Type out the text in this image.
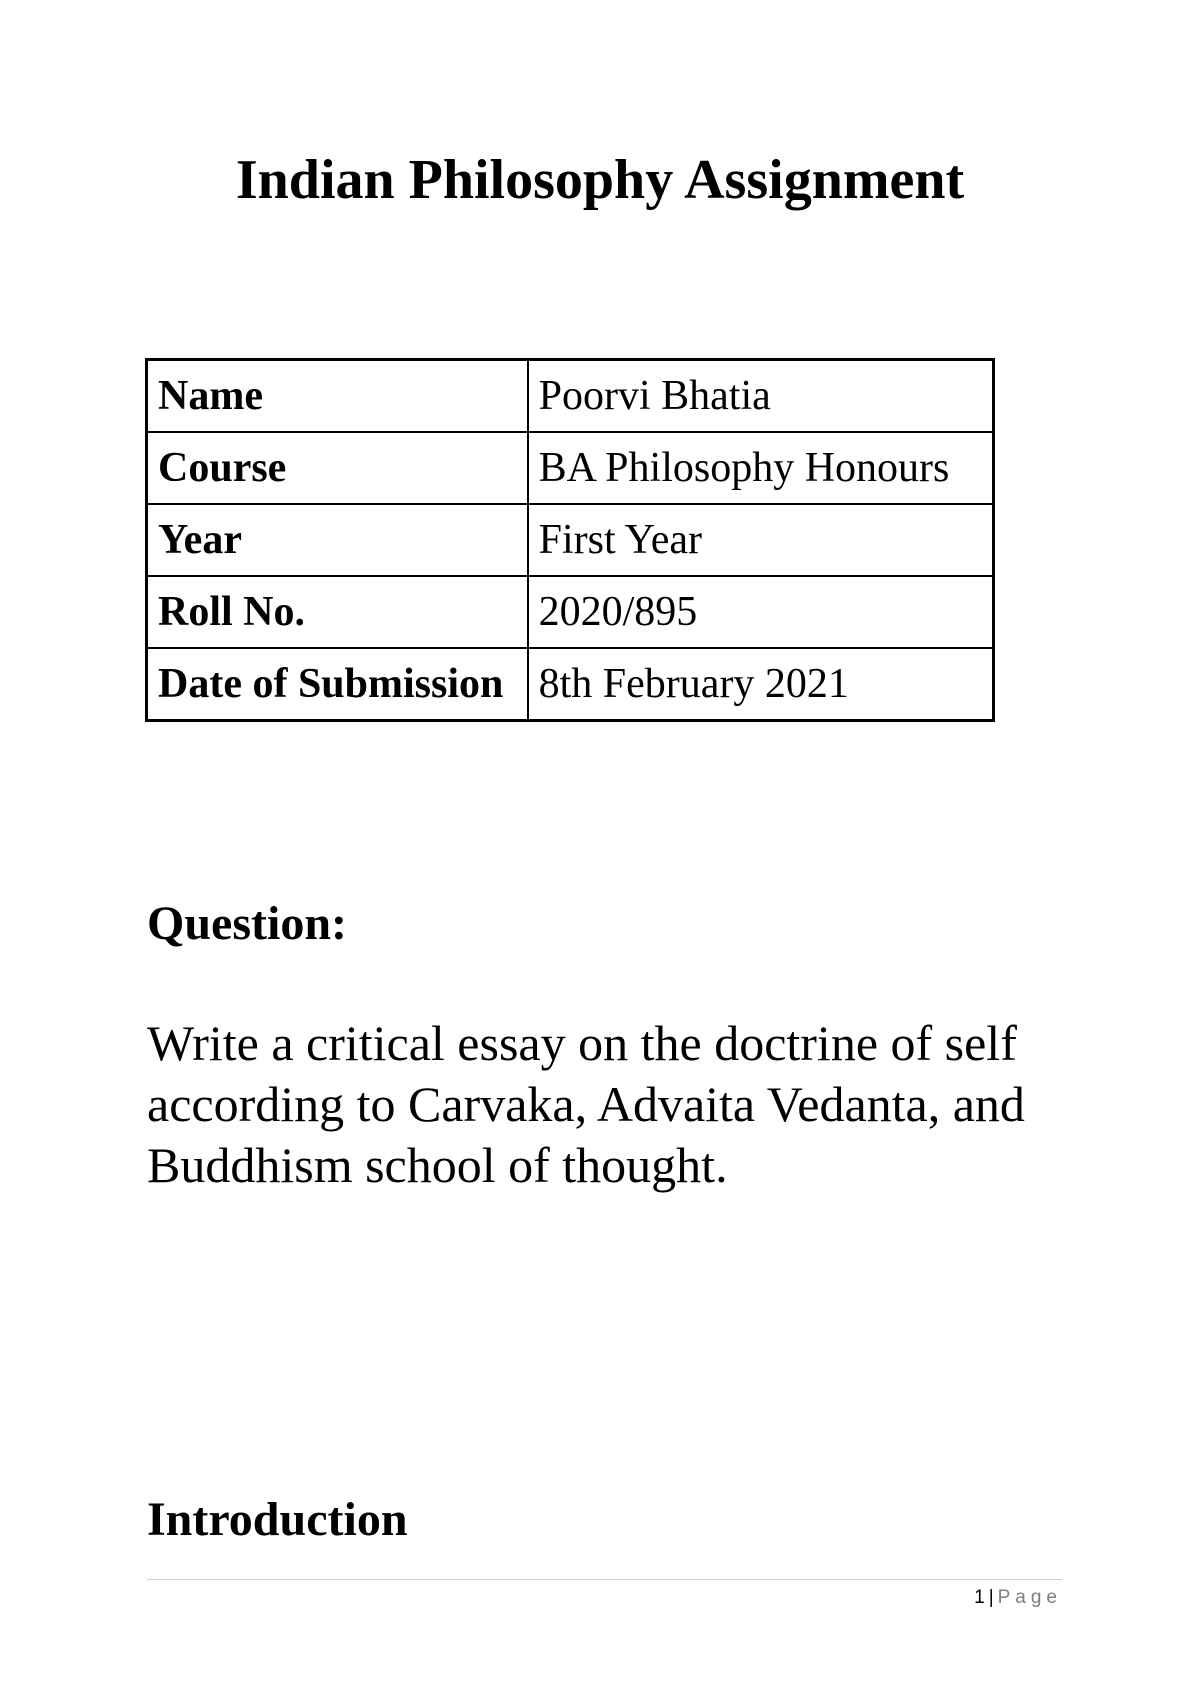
Indian Philosophy Assignment
Name	Poorvi Bhatia
Course	BA Philosophy Honours
Year	First Year
Roll No.	2020/895
Date of Submission	8th February 2021
Question:

Write a critical essay on the doctrine of self according to Carvaka, Advaita Vedanta, and Buddhism school of thought.

Introduction
1 | Page
